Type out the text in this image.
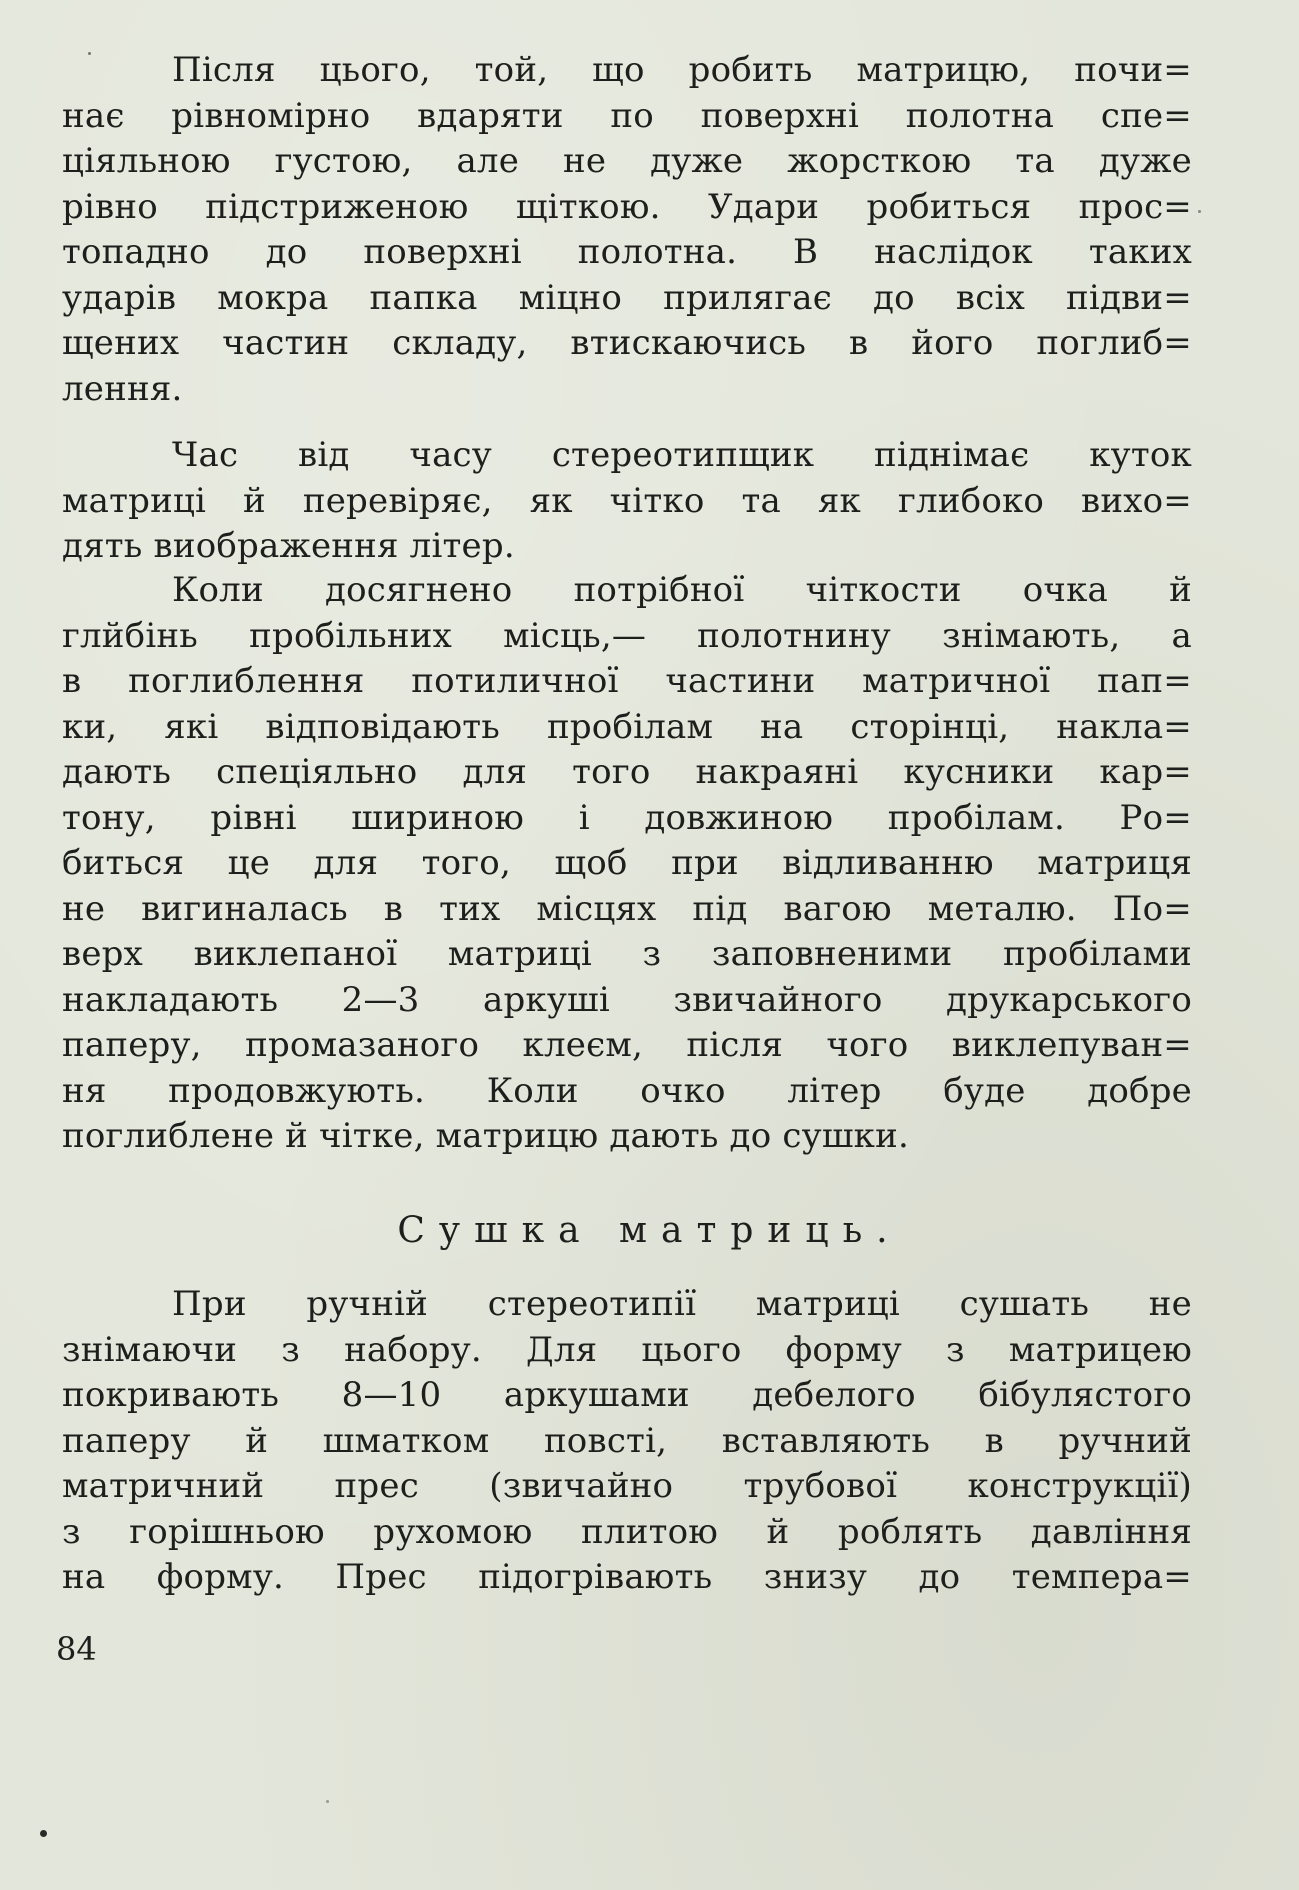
Після цього, той, що робить матрицю, почи=
нає рівномірно вдаряти по поверхні полотна спе=
ціяльною густою, але не дуже жорсткою та дуже
рівно підстриженою щіткою. Удари робиться прос=
топадно до поверхні полотна. В наслідок таких
ударів мокра папка міцно прилягає до всіх підви=
щених частин складу, втискаючись в його поглиб=
лення.
Час від часу стереотипщик піднімає куток
матриці й перевіряє, як чітко та як глибоко вихо=
дять виображення літер.
Коли досягнено потрібної чіткости очка й
глйбінь пробільних місць,— полотнину знімають, а
в поглиблення потиличної частини матричної пап=
ки, які відповідають пробілам на сторінці, накла=
дають спеціяльно для того накраяні кусники кар=
тону, рівні шириною і довжиною пробілам. Ро=
биться це для того, щоб при відливанню матриця
не вигиналась в тих місцях під вагою металю. По=
верх виклепаної матриці з заповненими пробілами
накладають 2—3 аркуші звичайного друкарського
паперу, промазаного клеєм, після чого виклепуван=
ня продовжують. Коли очко літер буде добре
поглиблене й чітке, матрицю дають до сушки.
Сушка матриць.
При ручній стереотипії матриці сушать не
знімаючи з набору. Для цього форму з матрицею
покривають 8—10 аркушами дебелого бібулястого
паперу й шматком повсті, вставляють в ручний
матричний прес (звичайно трубової конструкції)
з горішньою рухомою плитою й роблять давління
на форму. Прес підогрівають знизу до темпера=

84
